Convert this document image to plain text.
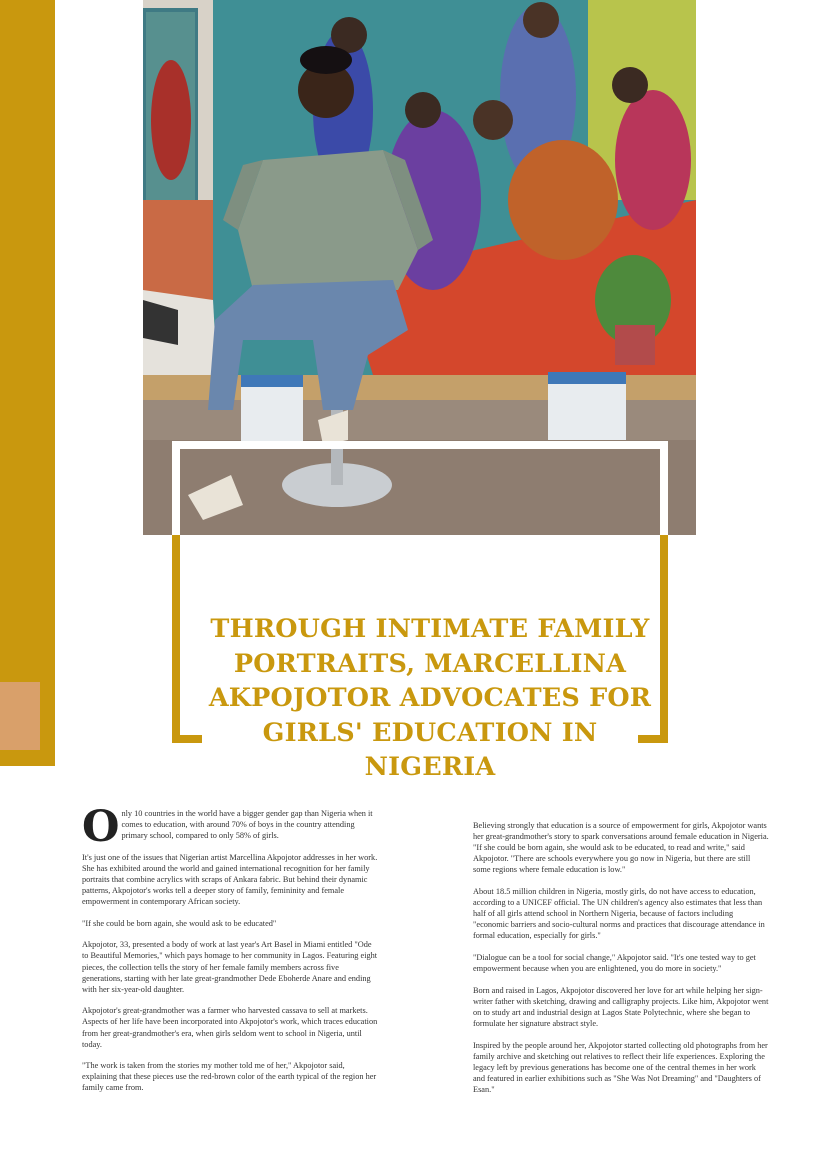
THROUGH INTIMATE FAMILY PORTRAITS, MARCELLINA AKPOJOTOR ADVOCATES FOR GIRLS' EDUCATION IN NIGERIA

Only 10 countries in the world have a bigger gender gap than Nigeria when it comes to education, with around 70% of boys in the country attending primary school, compared to only 58% of girls.

It's just one of the issues that Nigerian artist Marcellina Akpojotor addresses in her work.

She has exhibited around the world and gained international recognition for her family portraits that combine acrylics with scraps of Ankara fabric. But behind their dynamic patterns, Akpojotor's works tell a deeper story of family, femininity and female empowerment in contemporary African society.

"If she could be born again, she would ask to be educated"

Akpojotor, 33, presented a body of work at last year's Art Basel in Miami entitled "Ode to Beautiful Memories," which pays homage to her community in Lagos. Featuring eight pieces, the collection tells the story of her female family members across five generations, starting with her late great-grandmother Dede Eboherde Anare and ending with her six-year-old daughter.

Akpojotor's great-grandmother was a farmer who harvested cassava to sell at markets. Aspects of her life have been incorporated into Akpojotor's work, which traces education from her great-grandmother's era, when girls seldom went to school in Nigeria, until today.

"The work is taken from the stories my mother told me of her," Akpojotor said, explaining that these pieces use the red-brown color of the earth typical of the region her family came from.

Believing strongly that education is a source of empowerment for girls, Akpojotor wants her great-grandmother's story to spark conversations around female education in Nigeria.

"If she could be born again, she would ask to be educated, to read and write," said Akpojotor. "There are schools everywhere you go now in Nigeria, but there are still some regions where female education is low."

About 18.5 million children in Nigeria, mostly girls, do not have access to education, according to a UNICEF official. The UN children's agency also estimates that less than half of all girls attend school in Northern Nigeria, because of factors including "economic barriers and socio-cultural norms and practices that discourage attendance in formal education, especially for girls."

"Dialogue can be a tool for social change," Akpojotor said. "It's one tested way to get empowerment because when you are enlightened, you do more in society."

Born and raised in Lagos, Akpojotor discovered her love for art while helping her sign-writer father with sketching, drawing and calligraphy projects. Like him, Akpojotor went on to study art and industrial design at Lagos State Polytechnic, where she began to formulate her signature abstract style.

Inspired by the people around her, Akpojotor started collecting old photographs from her family archive and sketching out relatives to reflect their life experiences. Exploring the legacy left by previous generations has become one of the central themes in her work and featured in earlier exhibitions such as "She Was Not Dreaming" and "Daughters of Esan."
